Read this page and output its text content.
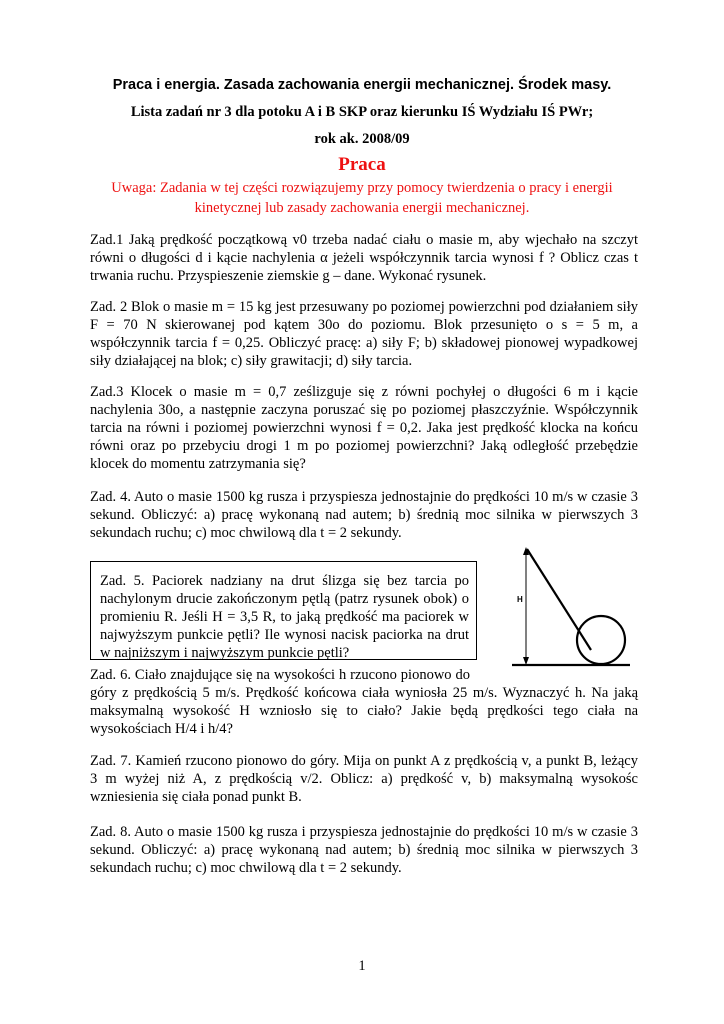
Praca i energia. Zasada zachowania energii mechanicznej. Środek masy.
Lista zadań nr 3 dla potoku A i B SKP oraz kierunku IŚ Wydziału IŚ PWr;
rok ak. 2008/09
Praca
Uwaga: Zadania w tej części rozwiązujemy przy pomocy twierdzenia o pracy i energii kinetycznej lub zasady zachowania energii mechanicznej.
Zad.1 Jaką prędkość początkową v0 trzeba nadać ciału o masie m, aby wjechało na szczyt
równi o długości d i kącie nachylenia α jeżeli współczynnik tarcia wynosi f ? Oblicz czas t
trwania ruchu. Przyspieszenie ziemskie g – dane. Wykonać rysunek.
Zad. 2 Blok o masie m = 15 kg jest przesuwany po poziomej powierzchni pod działaniem siły
F = 70 N skierowanej pod kątem 30o do poziomu. Blok przesunięto o s = 5 m, a
współczynnik tarcia f = 0,25. Obliczyć pracę: a) siły F; b) składowej pionowej wypadkowej
siły działającej na blok; c) siły grawitacji; d) siły tarcia.
Zad.3 Klocek o masie m = 0,7 ześlizguje się z równi pochyłej o długości 6 m i kącie
nachylenia 30o, a następnie zaczyna poruszać się po poziomej płaszczyźnie. Współczynnik
tarcia na równi i poziomej powierzchni wynosi f = 0,2. Jaka jest prędkość klocka na końcu
równi oraz po przebyciu drogi 1 m po poziomej powierzchni? Jaką odległość przebędzie
klocek do momentu zatrzymania się?
Zad. 4. Auto o masie 1500 kg rusza i przyspiesza jednostajnie do prędkości 10 m/s w czasie 3
sekund. Obliczyć: a) pracę wykonaną nad autem; b) średnią moc silnika w pierwszych 3
sekundach ruchu; c) moc chwilową dla t = 2 sekundy.
Zad. 5. Paciorek nadziany na drut ślizga się bez tarcia po
nachylonym drucie zakończonym pętlą (patrz rysunek obok) o
promieniu R. Jeśli H = 3,5 R, to jaką prędkość ma paciorek w
najwyższym punkcie pętli? Ile wynosi nacisk paciorka na drut
w najniższym i najwyższym punkcie pętli?
H
Zad. 6. Ciało znajdujące się na wysokości h rzucono pionowo do
góry z prędkością 5 m/s. Prędkość końcowa ciała wyniosła 25 m/s. Wyznaczyć h. Na jaką
maksymalną wysokość H wzniosło się to ciało? Jakie będą prędkości tego ciała na
wysokościach H/4 i h/4?
Zad. 7. Kamień rzucono pionowo do góry. Mija on punkt A z prędkością v, a punkt B, leżący
3 m wyżej niż A, z prędkością v/2. Oblicz: a) prędkość v, b) maksymalną wysokośc
wzniesienia się ciała ponad punkt B.
Zad. 8. Auto o masie 1500 kg rusza i przyspiesza jednostajnie do prędkości 10 m/s w czasie 3
sekund. Obliczyć: a) pracę wykonaną nad autem; b) średnią moc silnika w pierwszych 3
sekundach ruchu; c) moc chwilową dla t = 2 sekundy.
1
